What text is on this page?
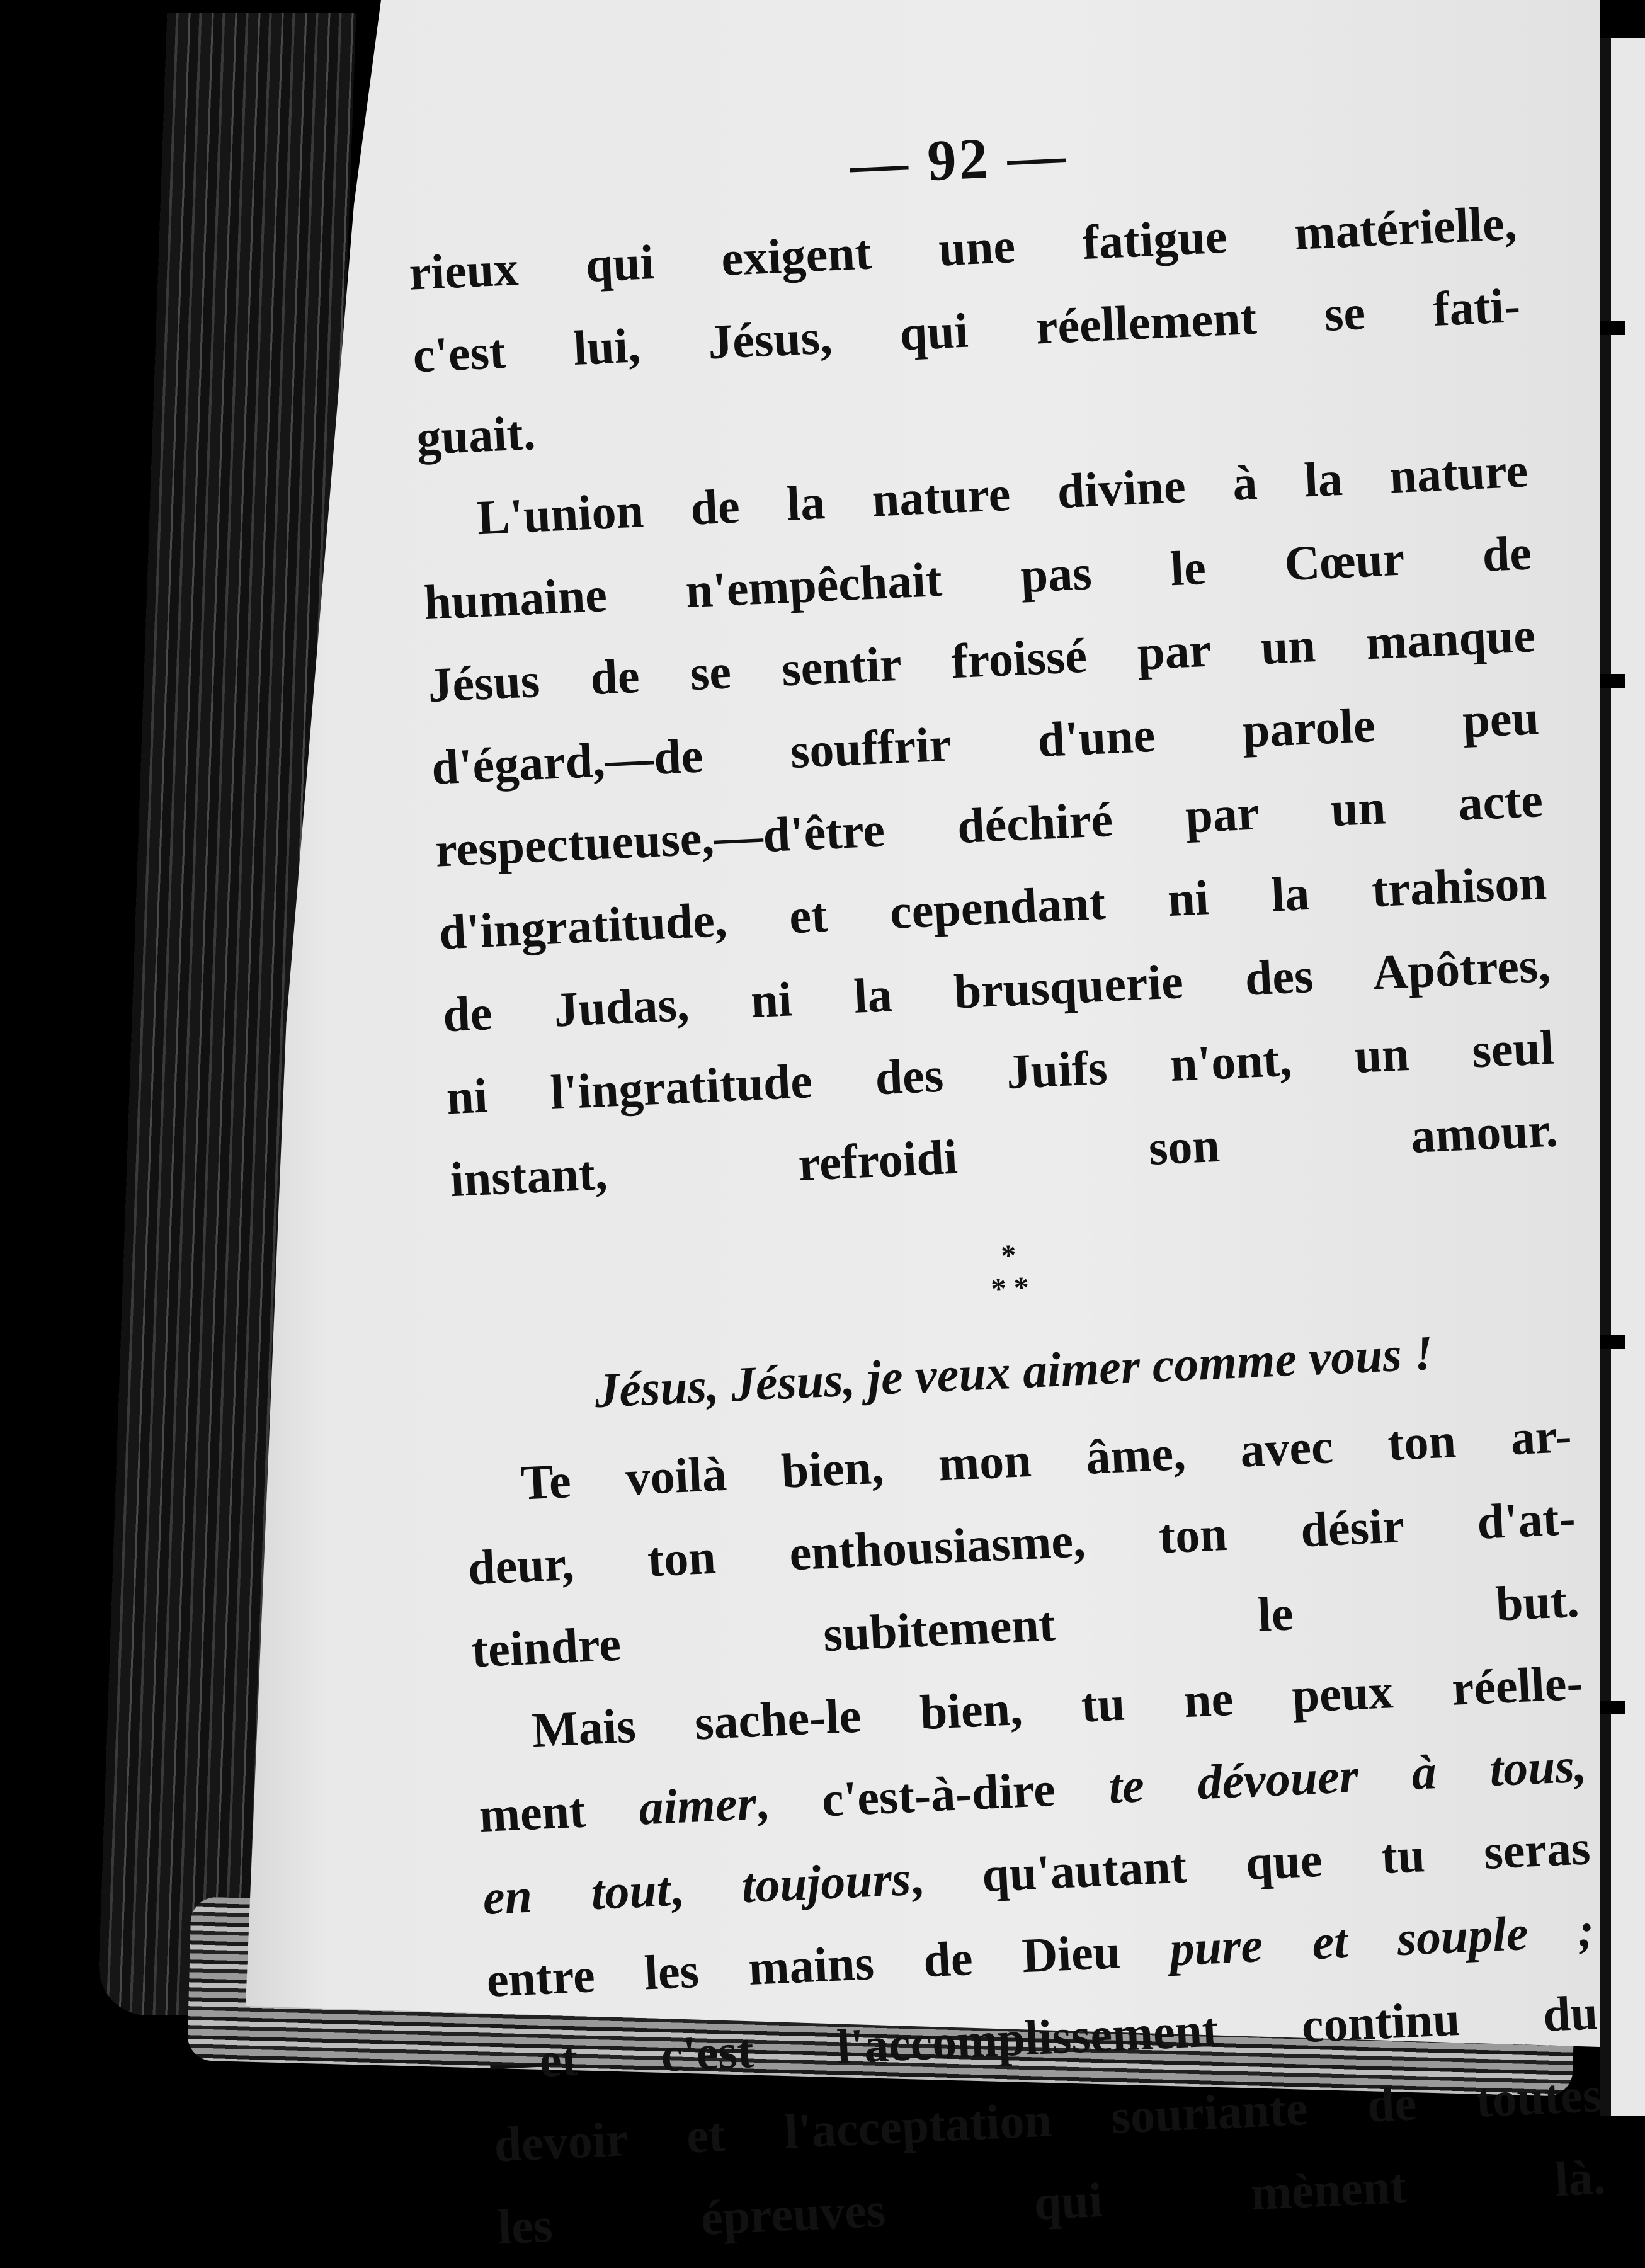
— 92 —

rieux qui exigent une fatigue matérielle,
c'est lui, Jésus, qui réellement se fati-
guait.

L'union de la nature divine à la nature
humaine n'empêchait pas le Cœur de
Jésus de se sentir froissé par un manque
d'égard,—de souffrir d'une parole peu
respectueuse,—d'être déchiré par un acte
d'ingratitude, et cependant ni la trahison
de Judas, ni la brusquerie des Apôtres,
ni l'ingratitude des Juifs n'ont, un seul
instant, refroidi son amour.

*
* *

Jésus, Jésus, je veux aimer comme vous !

Te voilà bien, mon âme, avec ton ar-
deur, ton enthousiasme, ton désir d'at-
teindre subitement le but.

Mais sache-le bien, tu ne peux réelle-
ment aimer, c'est-à-dire te dévouer à tous,
en tout, toujours, qu'autant que tu seras
entre les mains de Dieu pure et souple ;
—et c'est l'accomplissement continu du
devoir et l'acceptation souriante de toutes
les épreuves qui mènent là.
